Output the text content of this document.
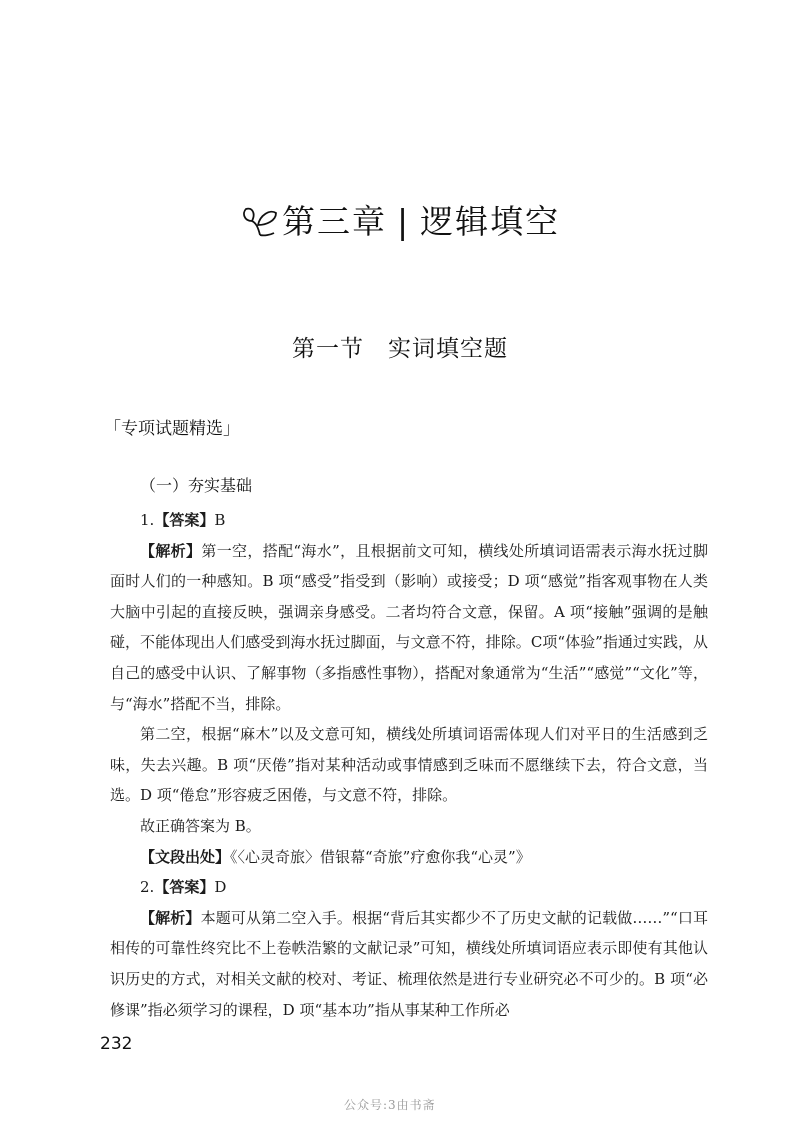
第三章 | 逻辑填空
第一节 实词填空题
「专项试题精选」
（一）夯实基础

1.【答案】B

【解析】第一空，搭配“海水”，且根据前文可知，横线处所填词语需表示海水抚过脚面时人们的一种感知。B 项“感受”指受到（影响）或接受；D 项“感觉”指客观事物在人类大脑中引起的直接反映，强调亲身感受。二者均符合文意，保留。A 项“接触”强调的是触碰，不能体现出人们感受到海水抚过脚面，与文意不符，排除。C项“体验”指通过实践，从自己的感受中认识、了解事物（多指感性事物），搭配对象通常为“生活”“感觉”“文化”等，与“海水”搭配不当，排除。

第二空，根据“麻木”以及文意可知，横线处所填词语需体现人们对平日的生活感到乏味，失去兴趣。B 项“厌倦”指对某种活动或事情感到乏味而不愿继续下去，符合文意，当选。D 项“倦怠”形容疲乏困倦，与文意不符，排除。

故正确答案为 B。

【文段出处】《〈心灵奇旅〉借银幕“奇旅”疗愈你我“心灵”》

2.【答案】D

【解析】本题可从第二空入手。根据“背后其实都少不了历史文献的记载做……”“口耳相传的可靠性终究比不上卷帙浩繁的文献记录”可知，横线处所填词语应表示即使有其他认识历史的方式，对相关文献的校对、考证、梳理依然是进行专业研究必不可少的。B 项“必修课”指必须学习的课程，D 项“基本功”指从事某种工作所必

232
公众号:3由书斋
